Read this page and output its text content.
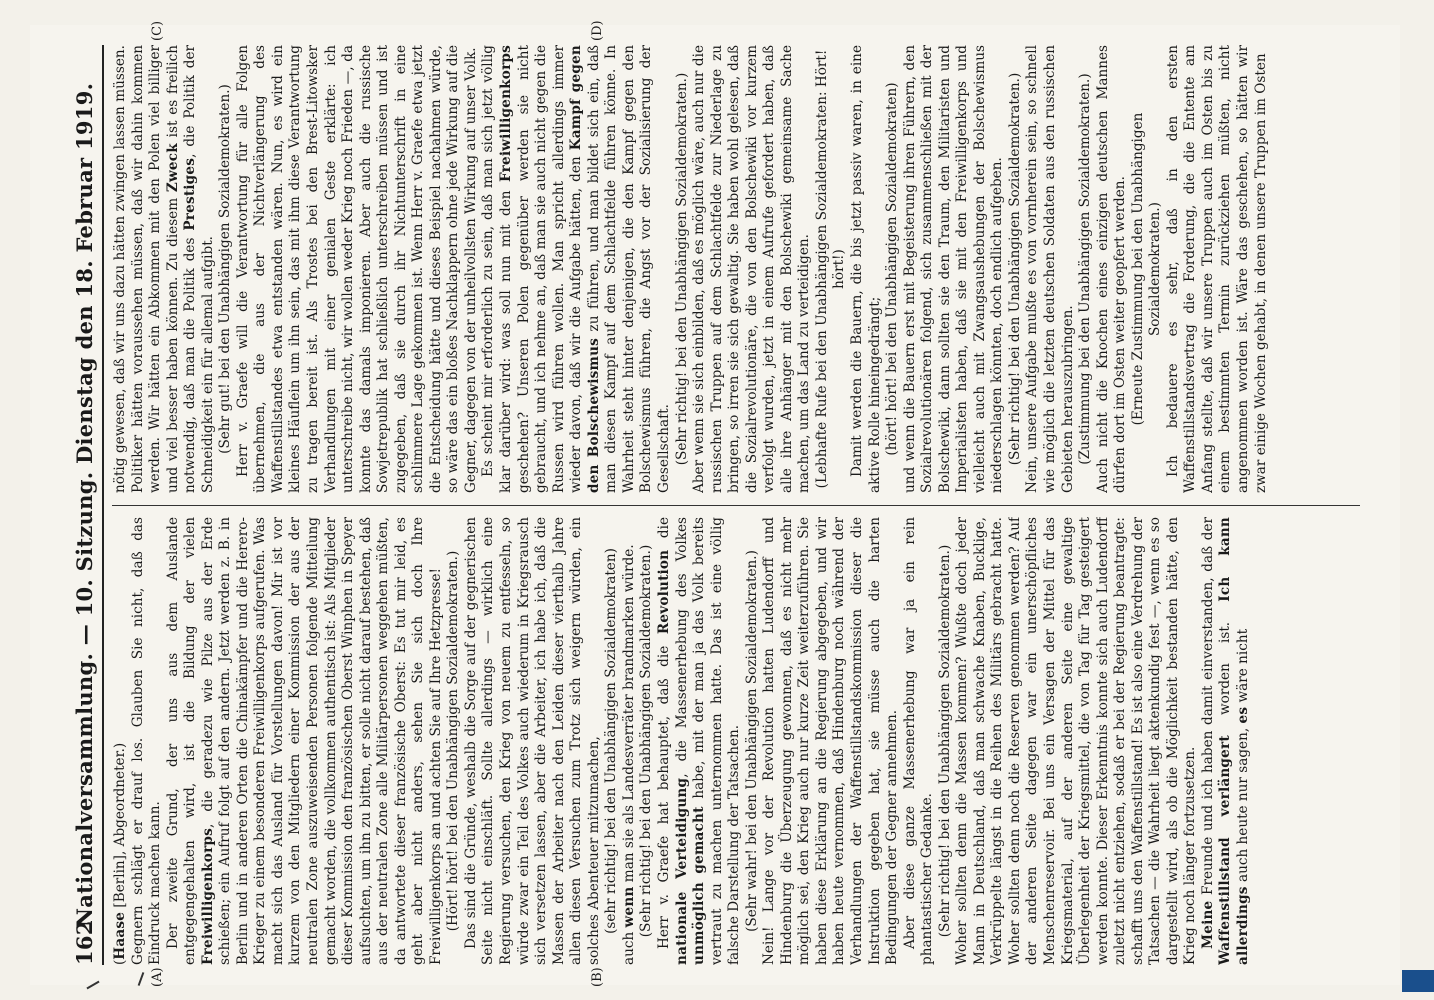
162
Nationalversammlung. — 10. Sitzung. Dienstag den 18. Februar 1919.
(A)	(B)
(C)	(D)

(Haase [Berlin], Abgeordneter.) Gegnern schlägt er drauf los. Glauben Sie nicht, daß das Eindruck machen kann. Der zweite Grund, der uns aus dem Auslande entgegengehalten wird, ist die Bildung der vielen Freiwilligenkorps, die geradezu wie Pilze aus der Erde schießen; ein Aufruf folgt auf den andern. Jetzt werden z. B. in Berlin und in anderen Orten die Chinakämpfer und die Herero-Krieger zu einem besonderen Freiwilligenkorps aufgerufen. Was macht sich das Ausland für Vorstellungen davon! Mir ist vor kurzem von den Mitgliedern einer Kommission der aus der neutralen Zone auszuweisenden Personen folgende Mitteilung gemacht worden, die vollkommen authentisch ist: Als Mitglieder dieser Kommission den französischen Oberst Winphen in Speyer aufsuchten, um ihn zu bitten, er solle nicht darauf bestehen, daß aus der neutralen Zone alle Militärpersonen weggehen müßten, da antwortete dieser französische Oberst: Es tut mir leid, es geht aber nicht anders, sehen Sie sich doch Ihre Freiwilligenkorps an und achten Sie auf Ihre Hetzpresse! (Hört! hört! bei den Unabhängigen Sozialdemokraten.) Das sind die Gründe, weshalb die Sorge auf der gegnerischen Seite nicht einschläft. Sollte allerdings — wirklich eine Regierung versuchen, den Krieg von neuem zu entfesseln, so würde zwar ein Teil des Volkes auch wiederum in Kriegsrausch sich versetzen lassen, aber die Arbeiter, ich habe ich, daß die Massen der Arbeiter nach den Leiden dieser vierthalb Jahre allen diesen Versuchen zum Trotz sich weigern würden, ein solches Abenteuer mitzumachen, (sehr richtig! bei den Unabhängigen Sozialdemokraten)

auch wenn man sie als Landesverräter brandmarken würde. (Sehr richtig! bei den Unabhängigen Sozialdemokraten.) Herr v. Graefe hat behauptet, daß die Revolution die nationale Verteidigung, die Massenerhebung des Volkes unmöglich gemacht habe, mit der man ja das Volk bereits vertraut zu machen unternommen hatte. Das ist eine völlig falsche Darstellung der Tatsachen. (Sehr wahr! bei den Unabhängigen Sozialdemokraten.) Nein! Lange vor der Revolution hatten Ludendorff und Hindenburg die Überzeugung gewonnen, daß es nicht mehr möglich sei, den Krieg auch nur kurze Zeit weiterzuführen. Sie haben diese Erklärung an die Regierung abgegeben, und wir haben heute vernommen, daß Hindenburg noch während der Verhandlungen der Waffenstillstandskommission dieser die Instruktion gegeben hat, sie müsse auch die harten Bedingungen der Gegner annehmen. Aber diese ganze Massenerhebung war ja ein rein phantastischer Gedanke. (Sehr richtig! bei den Unabhängigen Sozialdemokraten.) Woher sollten denn die Massen kommen? Wußte doch jeder Mann in Deutschland, daß man schwache Knaben, Bucklige, Verkrüppelte längst in die Reihen des Militärs gebracht hatte. Woher sollten denn noch die Reserven genommen werden? Auf der anderen Seite dagegen war ein unerschöpfliches Menschenreservoir. Bei uns ein Versagen der Mittel für das Kriegsmaterial, auf der anderen Seite eine gewaltige Überlegenheit der Kriegsmittel, die von Tag für Tag gesteigert werden konnte. Dieser Erkenntnis konnte sich auch Ludendorff zuletzt nicht entziehen, sodaß er bei der Regierung beantragte: schafft uns den Waffenstillstand! Es ist also eine Verdrehung der Tatsachen — die Wahrheit liegt aktenkundig fest —, wenn es so dargestellt wird, als ob die Möglichkeit bestanden hätte, den Krieg noch länger fortzusetzen. Meine Freunde und ich haben damit einverstanden, daß der Waffenstillstand verlängert worden ist. Ich kann allerdings auch heute nur sagen, es wäre nicht

nötig gewesen, daß wir uns dazu hätten zwingen lassen müssen. Politiker hätten voraussehen müssen, daß wir dahin kommen werden. Wir hätten ein Abkommen mit den Polen viel billiger und viel besser haben können. Zu diesem Zweck ist es freilich notwendig, daß man die Politik des Prestiges, die Politik der Schneidigkeit ein für allemal aufgibt. (Sehr gut! bei den Unabhängigen Sozialdemokraten.) Herr v. Graefe will die Verantwortung für alle Folgen übernehmen, die aus der Nichtverlängerung des Waffenstillstandes etwa entstanden wären. Nun, es wird ein kleines Häuflein um ihn sein, das mit ihm diese Verantwortung zu tragen bereit ist. Als Trostes bei den Brest-Litowsker Verhandlungen mit einer genialen Geste erklärte: ich unterschreibe nicht, wir wollen weder Krieg noch Frieden —, da konnte das damals imponieren. Aber auch die russische Sowjetrepublik hat schließlich unterschreiben müssen und ist zugegeben, daß sie durch ihr Nichtunterschrift in eine schlimmere Lage gekommen ist. Wenn Herr v. Graefe etwa jetzt die Entscheidung hätte und dieses Beispiel nachahmen würde, so wäre das ein bloßes Nachklappern ohne jede Wirkung auf die Gegner, dagegen von der unheilvollsten Wirkung auf unser Volk. Es scheint mir erforderlich zu sein, daß man sich jetzt völlig klar darüber wird: was soll nun mit den Freiwilligenkorps geschehen? Unseren Polen gegenüber werden sie nicht gebraucht, und ich nehme an, daß man sie auch nicht gegen die Russen wird führen wollen. Man spricht allerdings immer wieder davon, daß wir die Aufgabe hätten, den Kampf gegen den Bolschewismus zu führen, und man bildet sich ein, daß man diesen Kampf auf dem Schlachtfelde führen könne. In Wahrheit steht hinter denjenigen, die den Kampf gegen den Bolschewismus führen, die Angst vor der Sozialisierung der Gesellschaft. (Sehr richtig! bei den Unabhängigen Sozialdemokraten.) Aber wenn sie sich einbilden, daß es möglich wäre, auch nur die russischen Truppen auf dem Schlachtfelde zur Niederlage zu bringen, so irren sie sich gewaltig. Sie haben wohl gelesen, daß die Sozialrevolutionäre, die von den Bolschewiki vor kurzem verfolgt wurden, jetzt in einem Aufrufe gefordert haben, daß alle ihre Anhänger mit den Bolschewiki gemeinsame Sache machen, um das Land zu verteidigen. (Lebhafte Rufe bei den Unabhängigen Sozialdemokraten: Hört! hört!) Damit werden die Bauern, die bis jetzt passiv waren, in eine aktive Rolle hineingedrängt; (hört! hört! bei den Unabhängigen Sozialdemokraten) und wenn die Bauern erst mit Begeisterung ihren Führern, den Sozialrevolutionären folgend, sich zusammenschließen mit der Bolschewiki, dann sollten sie den Traum, den Militaristen und Imperialisten haben, daß sie mit den Freiwilligenkorps und vielleicht auch mit Zwangsaushebungen der Bolschewismus niederschlagen könnten, doch endlich aufgeben. (Sehr richtig! bei den Unabhängigen Sozialdemokraten.) Nein, unsere Aufgabe mußte es von vornherein sein, so schnell wie möglich die letzten deutschen Soldaten aus den russischen Gebieten herauszubringen. (Zustimmung bei den Unabhängigen Sozialdemokraten.) Auch nicht die Knochen eines einzigen deutschen Mannes dürfen dort im Osten weiter geopfert werden. (Erneute Zustimmung bei den Unabhängigen Sozialdemokraten.) Ich bedauere es sehr, daß in den ersten Waffenstillstandsvertrag die Forderung, die die Entente am Anfang stellte, daß wir unsere Truppen auch im Osten bis zu einem bestimmten Termin zurückziehen müßten, nicht angenommen worden ist. Wäre das geschehen, so hätten wir zwar einige Wochen gehabt, in denen unsere Truppen im Osten
